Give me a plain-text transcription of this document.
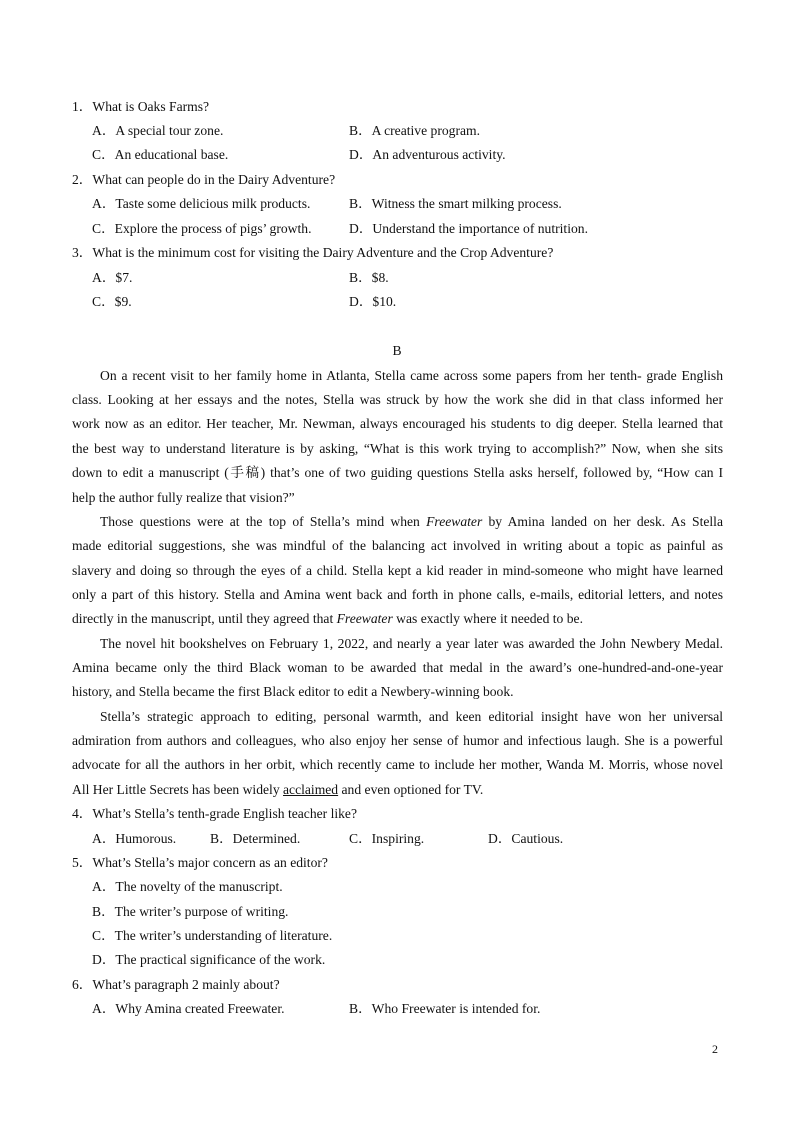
1．What is Oaks Farms?
A．A special tour zone.	B．A creative program.
C．An educational base.	D．An adventurous activity.
2．What can people do in the Dairy Adventure?
A．Taste some delicious milk products.	B．Witness the smart milking process.
C．Explore the process of pigs’ growth.	D．Understand the importance of nutrition.
3．What is the minimum cost for visiting the Dairy Adventure and the Crop Adventure?
A．$7.	B．$8.
C．$9.	D．$10.
B
On a recent visit to her family home in Atlanta, Stella came across some papers from her tenth- grade English
class. Looking at her essays and the notes, Stella was struck by how the work she did in that class informed her
work now as an editor. Her teacher, Mr. Newman, always encouraged his students to dig deeper. Stella learned that
the best way to understand literature is by asking, “What is this work trying to accomplish?” Now, when she sits
down to edit a manuscript (手稿) that’s one of two guiding questions Stella asks herself, followed by, “How can I
help the author fully realize that vision?”
Those questions were at the top of Stella’s mind when Freewater by Amina landed on her desk. As Stella
made editorial suggestions, she was mindful of the balancing act involved in writing about a topic as painful as
slavery and doing so through the eyes of a child. Stella kept a kid reader in mind-someone who might have learned
only a part of this history. Stella and Amina went back and forth in phone calls, e-mails, editorial letters, and notes
directly in the manuscript, until they agreed that Freewater was exactly where it needed to be.
The novel hit bookshelves on February 1, 2022, and nearly a year later was awarded the John Newbery Medal.
Amina became only the third Black woman to be awarded that medal in the award’s one-hundred-and-one-year
history, and Stella became the first Black editor to edit a Newbery-winning book.
Stella’s strategic approach to editing, personal warmth, and keen editorial insight have won her universal
admiration from authors and colleagues, who also enjoy her sense of humor and infectious laugh. She is a powerful
advocate for all the authors in her orbit, which recently came to include her mother, Wanda M. Morris, whose novel
All Her Little Secrets has been widely acclaimed and even optioned for TV.
4．What’s Stella’s tenth-grade English teacher like?
A．Humorous.	B．Determined.	C．Inspiring.	D．Cautious.
5．What’s Stella’s major concern as an editor?
A．The novelty of the manuscript.
B．The writer’s purpose of writing.
C．The writer’s understanding of literature.
D．The practical significance of the work.
6．What’s paragraph 2 mainly about?
A．Why Amina created Freewater.	B．Who Freewater is intended for.
2
